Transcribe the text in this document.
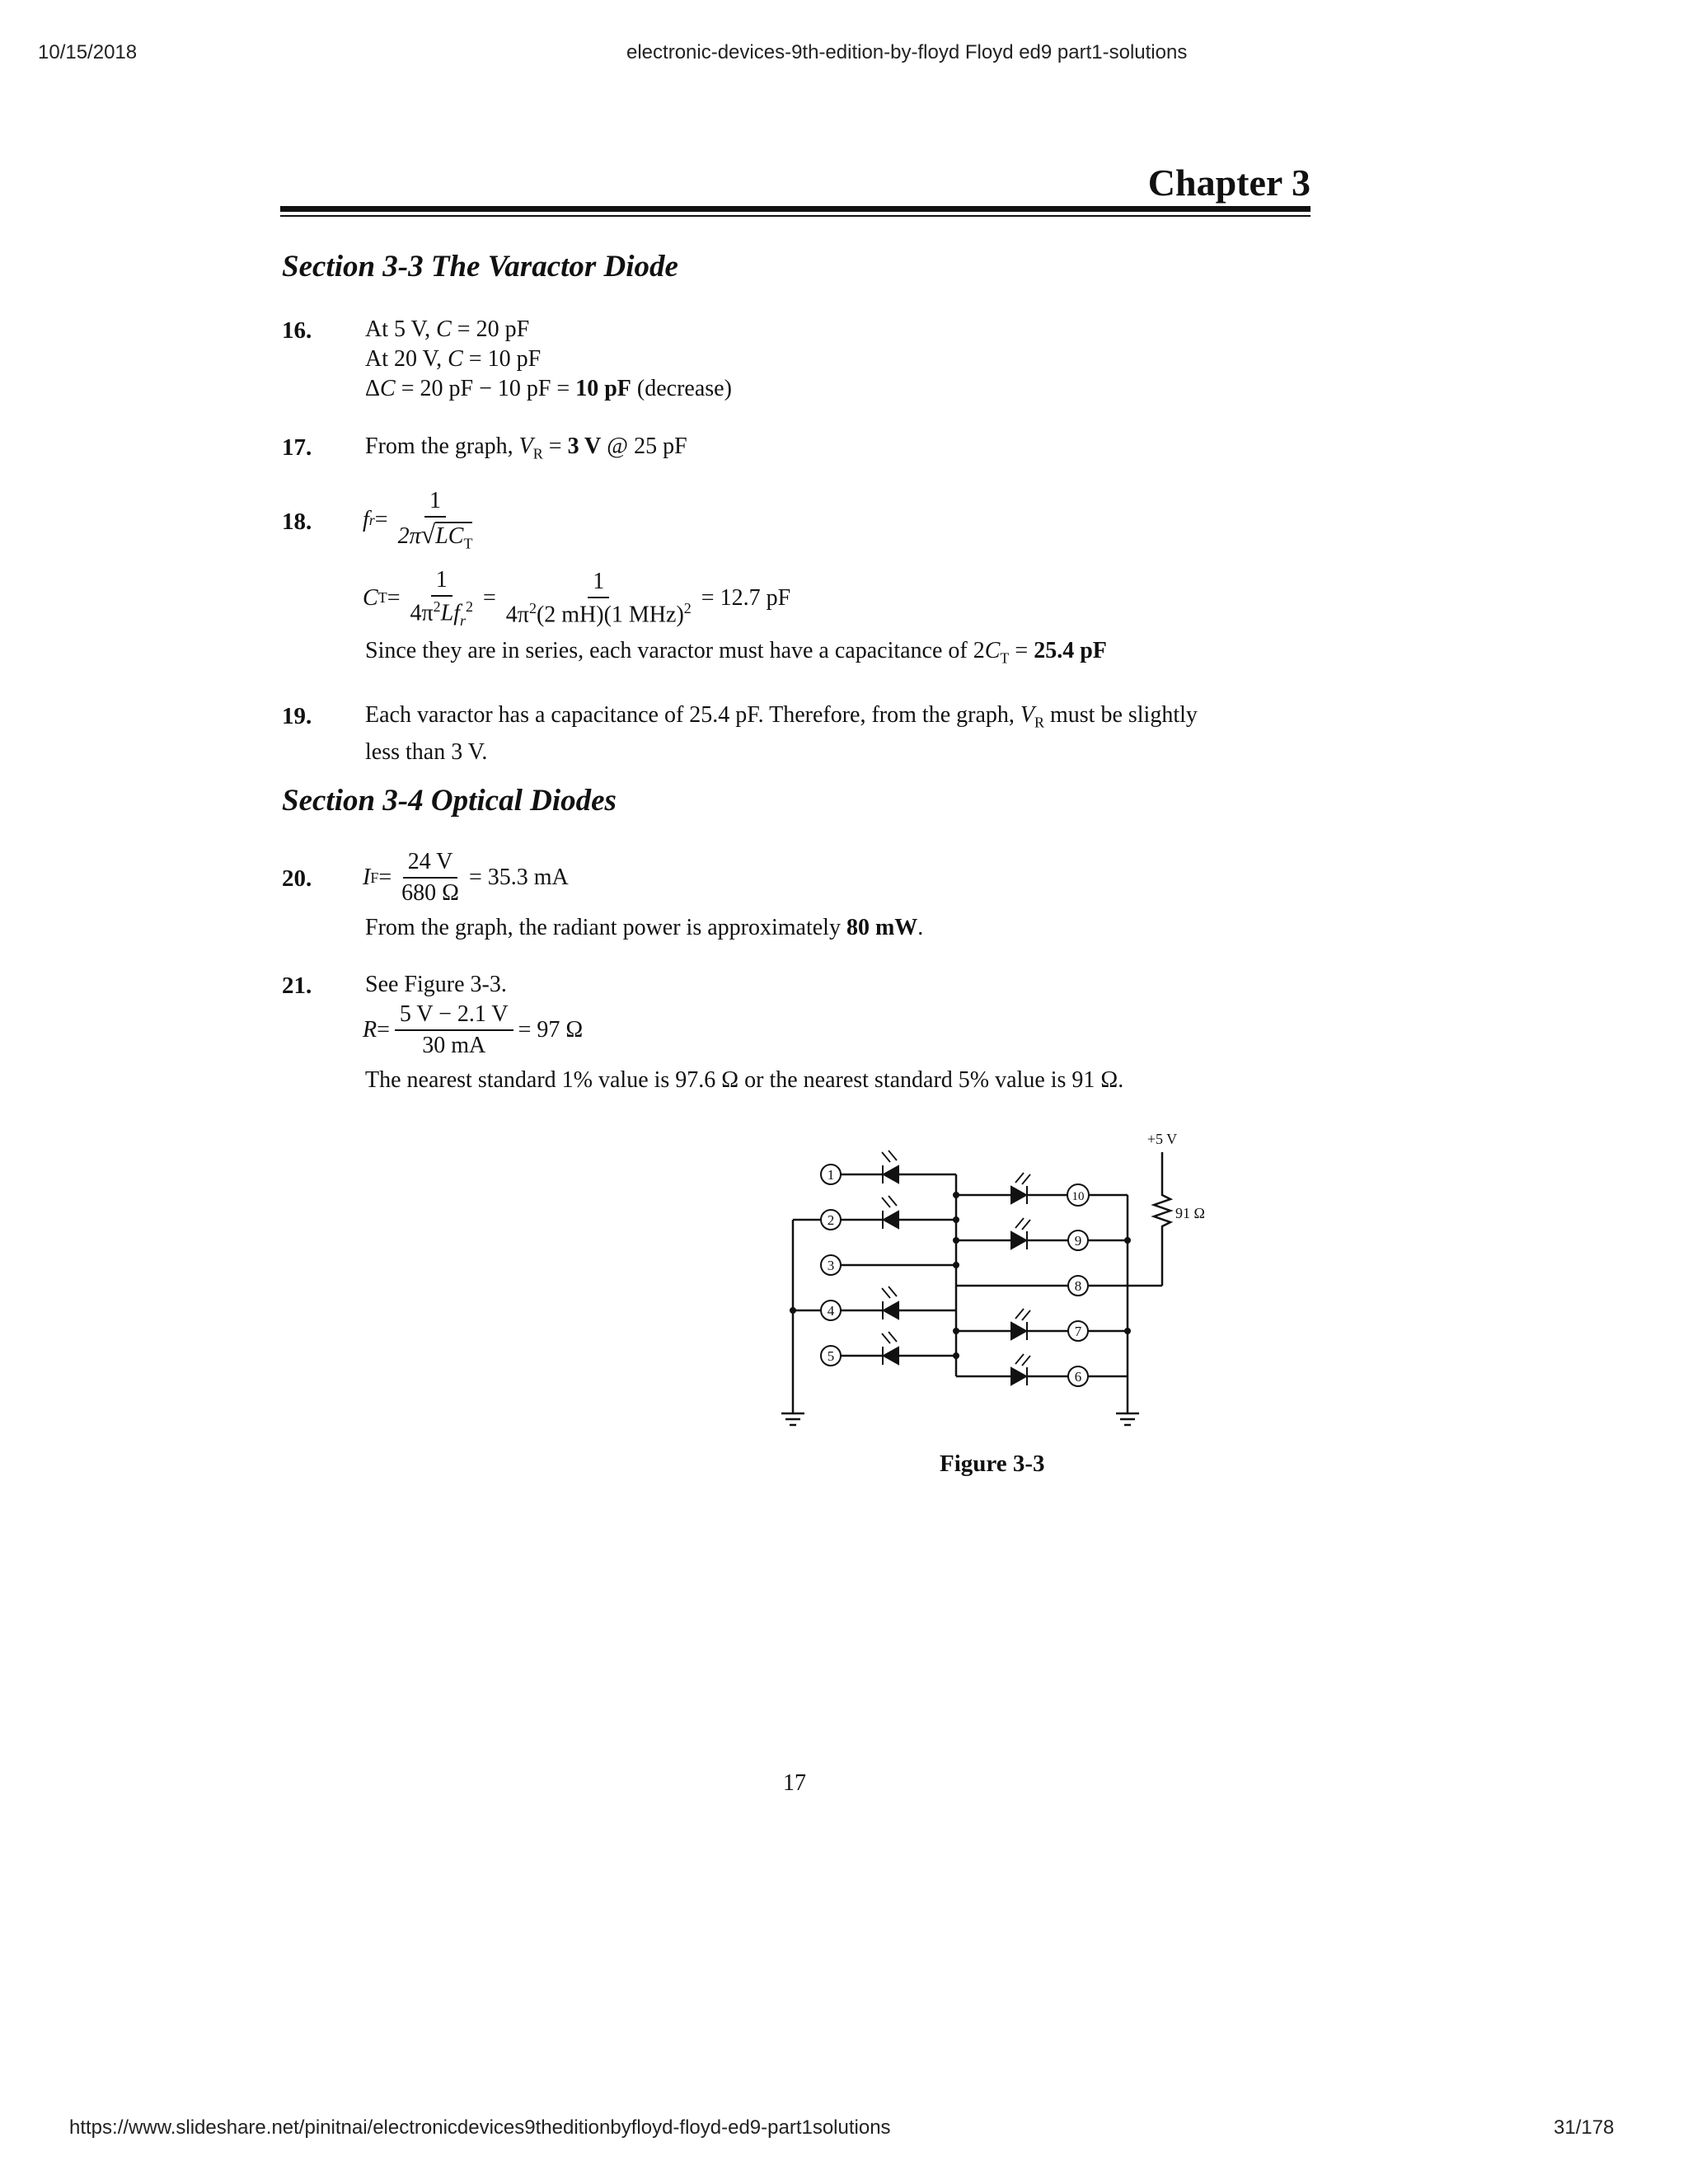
10/15/2018	electronic-devices-9th-edition-by-floyd Floyd ed9 part1-solutions
Chapter 3
Section 3-3 The Varactor Diode
16. At 5 V, C = 20 pF
At 20 V, C = 10 pF
ΔC = 20 pF − 10 pF = 10 pF (decrease)
17. From the graph, $V_R = 3$ V @ 25 pF
18. f $r = \frac{1}{2\pi√LC_T}$
C $T = \frac{1}{4\pi^2Lf_r^2} = \frac{1}{4\pi^2(2 mH)(1 MHz)^2} = 12.7$ pF
Since they are in series, each varactor must have a capacitance of $2C_T = 25.4$ pF
19. Each varactor has a capacitance of 25.4 pF. Therefore, from the graph, $V_R$ must be slightly
less than 3 V.
Section 3-4 Optical Diodes
20. I $F = \frac{24 V}{680 \Omega} = 35.3$ mA
From the graph, the radiant power is approximately 80 mW.
21. See Figure 3-3.
$R = \frac{5 V - 2.1 V}{30 mA} = 97$ Ω
The nearest standard 1% value is 97.6 Ω or the nearest standard 5% value is 91 Ω.
1
2
3
4
5
6
7
8
9
10
+5 V
91 Ω
Figure 3-3
17
https://www.slideshare.net/pinitnai/electronicdevices9theditionbyfloyd-floyd-ed9-part1solutions	31/178
